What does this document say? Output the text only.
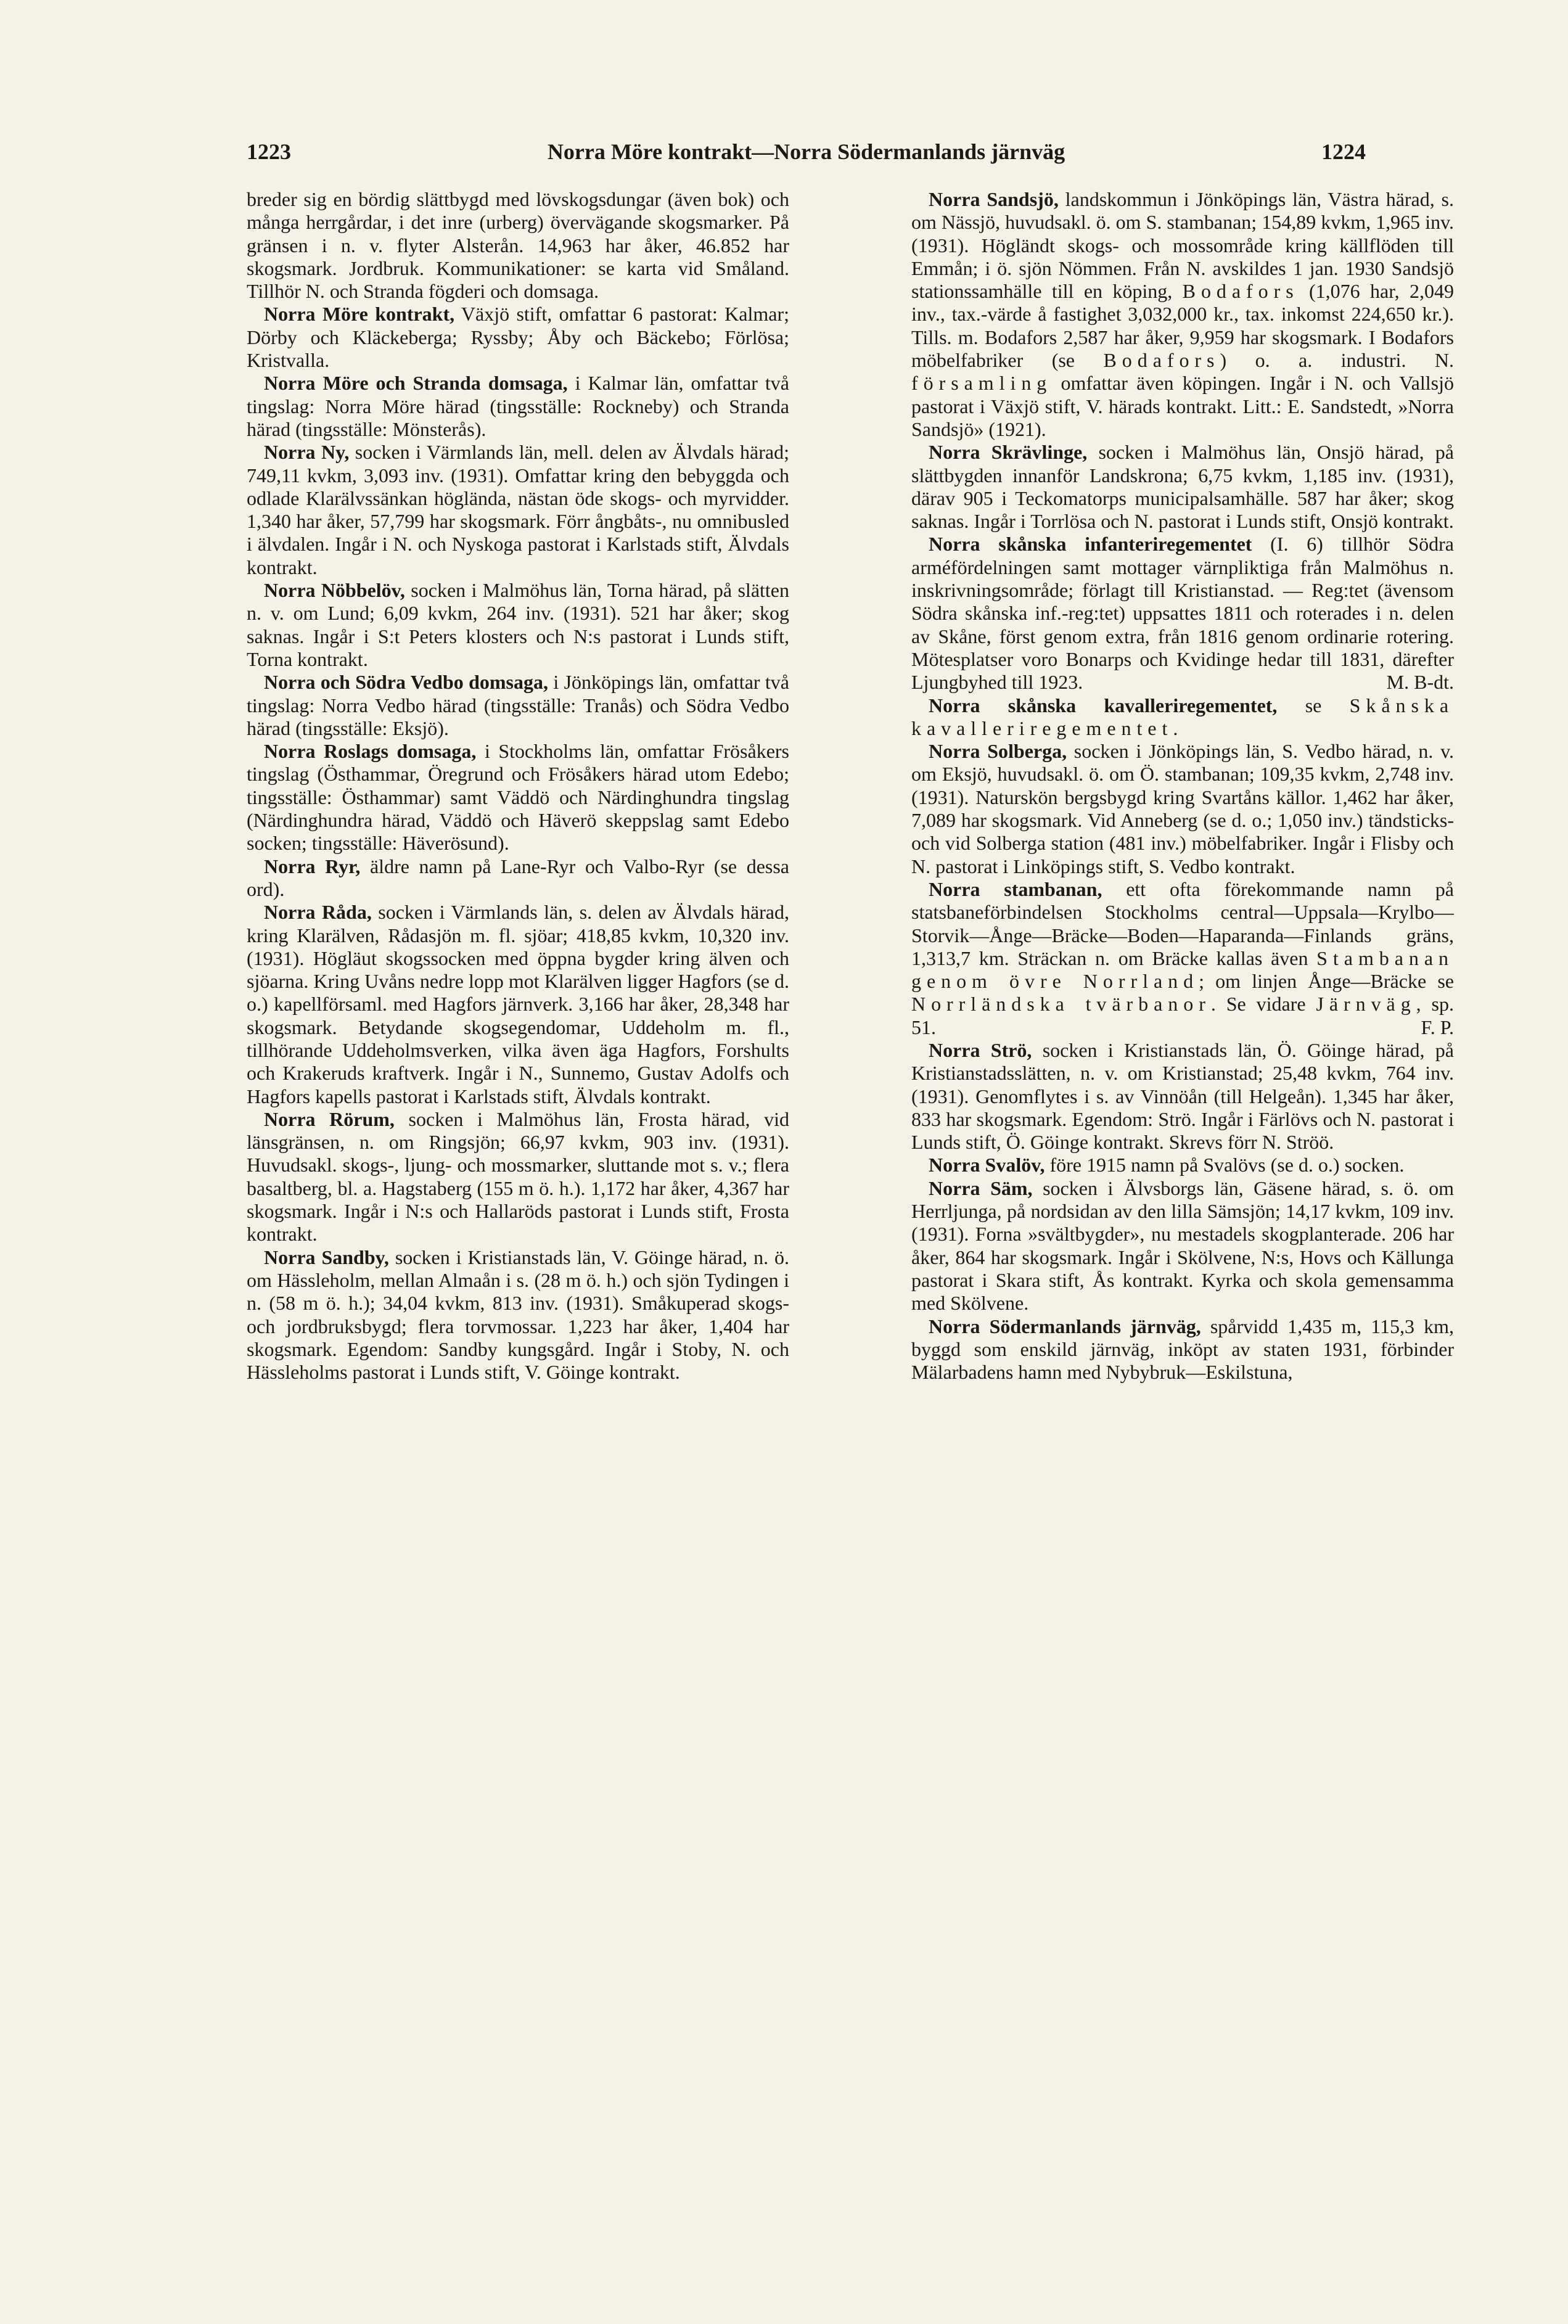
1223	Norra Möre kontrakt—Norra Södermanlands järnväg	1224

breder sig en bördig slättbygd med lövskogsdungar (även bok) och många herrgårdar, i det inre (urberg) övervägande skogsmarker. På gränsen i n. v. flyter Alsterån. 14,963 har åker, 46.852 har skogsmark. Jordbruk. Kommunikationer: se karta vid Småland. Tillhör N. och Stranda fögderi och domsaga.

Norra Möre kontrakt, Växjö stift, omfattar 6 pastorat: Kalmar; Dörby och Kläckeberga; Ryssby; Åby och Bäckebo; Förlösa; Kristvalla.

Norra Möre och Stranda domsaga, i Kalmar län, omfattar två tingslag: Norra Möre härad (tingsställe: Rockneby) och Stranda härad (tingsställe: Mönsterås).

Norra Ny, socken i Värmlands län, mell. delen av Älvdals härad; 749,11 kvkm, 3,093 inv. (1931). Omfattar kring den bebyggda och odlade Klarälvssänkan höglända, nästan öde skogs- och myrvidder. 1,340 har åker, 57,799 har skogsmark. Förr ångbåts-, nu omnibusled i älvdalen. Ingår i N. och Nyskoga pastorat i Karlstads stift, Älvdals kontrakt.

Norra Nöbbelöv, socken i Malmöhus län, Torna härad, på slätten n. v. om Lund; 6,09 kvkm, 264 inv. (1931). 521 har åker; skog saknas. Ingår i S:t Peters klosters och N:s pastorat i Lunds stift, Torna kontrakt.

Norra och Södra Vedbo domsaga, i Jönköpings län, omfattar två tingslag: Norra Vedbo härad (tingsställe: Tranås) och Södra Vedbo härad (tingsställe: Eksjö).

Norra Roslags domsaga, i Stockholms län, omfattar Frösåkers tingslag (Östhammar, Öregrund och Frösåkers härad utom Edebo; tingsställe: Östhammar) samt Väddö och Närdinghundra tingslag (Närdinghundra härad, Väddö och Häverö skeppslag samt Edebo socken; tingsställe: Häverösund).

Norra Ryr, äldre namn på Lane-Ryr och Valbo-Ryr (se dessa ord).

Norra Råda, socken i Värmlands län, s. delen av Älvdals härad, kring Klarälven, Rådasjön m. fl. sjöar; 418,85 kvkm, 10,320 inv. (1931). Högläut skogssocken med öppna bygder kring älven och sjöarna. Kring Uvåns nedre lopp mot Klarälven ligger Hagfors (se d. o.) kapellförsaml. med Hagfors järnverk. 3,166 har åker, 28,348 har skogsmark. Betydande skogsegendomar, Uddeholm m. fl., tillhörande Uddeholmsverken, vilka även äga Hagfors, Forshults och Krakeruds kraftverk. Ingår i N., Sunnemo, Gustav Adolfs och Hagfors kapells pastorat i Karlstads stift, Älvdals kontrakt.

Norra Rörum, socken i Malmöhus län, Frosta härad, vid länsgränsen, n. om Ringsjön; 66,97 kvkm, 903 inv. (1931). Huvudsakl. skogs-, ljung- och mossmarker, sluttande mot s. v.; flera basaltberg, bl. a. Hagstaberg (155 m ö. h.). 1,172 har åker, 4,367 har skogsmark. Ingår i N:s och Hallaröds pastorat i Lunds stift, Frosta kontrakt.

Norra Sandby, socken i Kristianstads län, V. Göinge härad, n. ö. om Hässleholm, mellan Almaån i s. (28 m ö. h.) och sjön Tydingen i n. (58 m ö. h.); 34,04 kvkm, 813 inv. (1931). Småkuperad skogs- och jordbruksbygd; flera torvmossar. 1,223 har åker, 1,404 har skogsmark. Egendom: Sandby kungsgård. Ingår i Stoby, N. och Hässleholms pastorat i Lunds stift, V. Göinge kontrakt.

Norra Sandsjö, landskommun i Jönköpings län, Västra härad, s. om Nässjö, huvudsakl. ö. om S. stambanan; 154,89 kvkm, 1,965 inv. (1931). Högländt skogs- och mossområde kring källflöden till Emmån; i ö. sjön Nömmen. Från N. avskildes 1 jan. 1930 Sandsjö stationssamhälle till en köping, Bodafors (1,076 har, 2,049 inv., tax.-värde å fastighet 3,032,000 kr., tax. inkomst 224,650 kr.). Tills. m. Bodafors 2,587 har åker, 9,959 har skogsmark. I Bodafors möbelfabriker (se Bodafors) o. a. industri. N. församling omfattar även köpingen. Ingår i N. och Vallsjö pastorat i Växjö stift, V. härads kontrakt. Litt.: E. Sandstedt, »Norra Sandsjö» (1921).

Norra Skrävlinge, socken i Malmöhus län, Onsjö härad, på slättbygden innanför Landskrona; 6,75 kvkm, 1,185 inv. (1931), därav 905 i Teckomatorps municipalsamhälle. 587 har åker; skog saknas. Ingår i Torrlösa och N. pastorat i Lunds stift, Onsjö kontrakt.

Norra skånska infanteriregementet (I. 6) tillhör Södra arméfördelningen samt mottager värnpliktiga från Malmöhus n. inskrivningsområde; förlagt till Kristianstad. — Reg:tet (ävensom Södra skånska inf.-reg:tet) uppsattes 1811 och roterades i n. delen av Skåne, först genom extra, från 1816 genom ordinarie rotering. Mötesplatser voro Bonarps och Kvidinge hedar till 1831, därefter Ljungbyhed till 1923.	M. B-dt.

Norra skånska kavalleriregementet, se Skånska kavalleriregementet.

Norra Solberga, socken i Jönköpings län, S. Vedbo härad, n. v. om Eksjö, huvudsakl. ö. om Ö. stambanan; 109,35 kvkm, 2,748 inv. (1931). Naturskön bergsbygd kring Svartåns källor. 1,462 har åker, 7,089 har skogsmark. Vid Anneberg (se d. o.; 1,050 inv.) tändsticks- och vid Solberga station (481 inv.) möbelfabriker. Ingår i Flisby och N. pastorat i Linköpings stift, S. Vedbo kontrakt.

Norra stambanan, ett ofta förekommande namn på statsbaneförbindelsen Stockholms central—Uppsala—Krylbo—Storvik—Ånge—Bräcke—Boden—Haparanda—Finlands gräns, 1,313,7 km. Sträckan n. om Bräcke kallas även Stambanan genom övre Norrland; om linjen Ånge—Bräcke se Norrländska tvärbanor. Se vidare Järnväg, sp. 51.	F. P.

Norra Strö, socken i Kristianstads län, Ö. Göinge härad, på Kristianstadsslätten, n. v. om Kristianstad; 25,48 kvkm, 764 inv. (1931). Genomflytes i s. av Vinnöån (till Helgeån). 1,345 har åker, 833 har skogsmark. Egendom: Strö. Ingår i Färlövs och N. pastorat i Lunds stift, Ö. Göinge kontrakt. Skrevs förr N. Ströö.

Norra Svalöv, före 1915 namn på Svalövs (se d. o.) socken.

Norra Säm, socken i Älvsborgs län, Gäsene härad, s. ö. om Herrljunga, på nordsidan av den lilla Sämsjön; 14,17 kvkm, 109 inv. (1931). Forna »svältbygder», nu mestadels skogplanterade. 206 har åker, 864 har skogsmark. Ingår i Skölvene, N:s, Hovs och Källunga pastorat i Skara stift, Ås kontrakt. Kyrka och skola gemensamma med Skölvene.

Norra Södermanlands järnväg, spårvidd 1,435 m, 115,3 km, byggd som enskild järnväg, inköpt av staten 1931, förbinder Mälarbadens hamn med Nybybruk—Eskilstuna,
